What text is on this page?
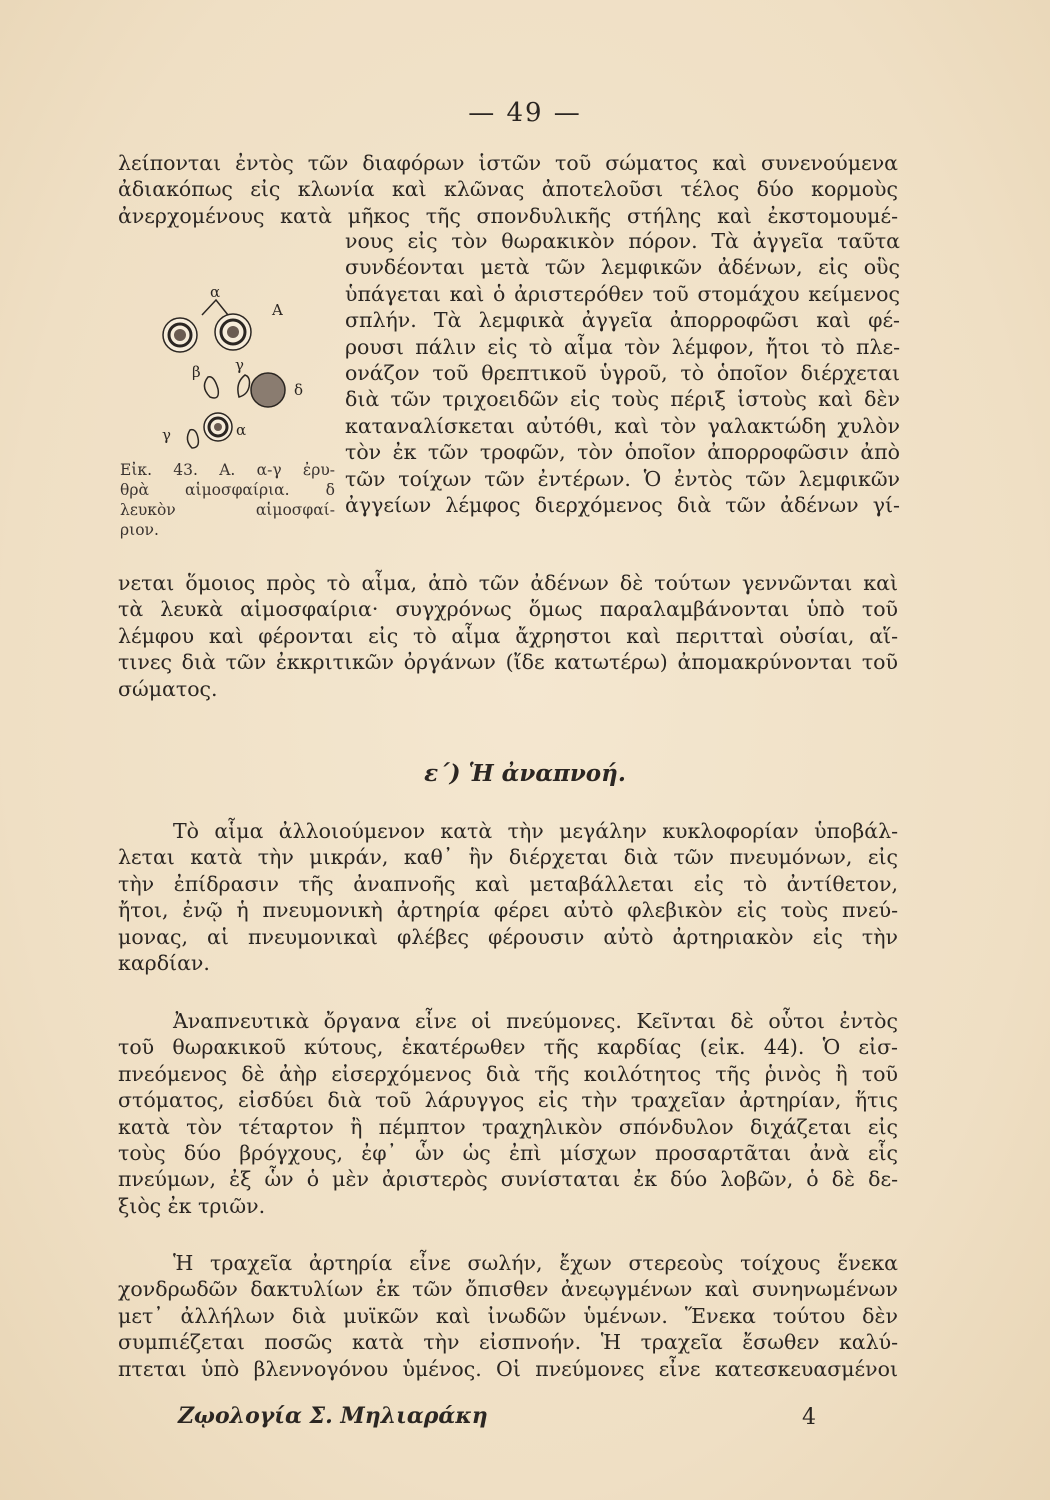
— 49 —
λείπονται ἐντὸς τῶν διαφόρων ἱστῶν τοῦ σώματος καὶ συνενούμενα
ἀδιακόπως εἰς κλωνία καὶ κλῶνας ἀποτελοῦσι τέλος δύο κορμοὺς
ἀνερχομένους κατὰ μῆκος τῆς σπονδυλικῆς στήλης καὶ ἐκστομουμέ-
νους εἰς τὸν θωρακικὸν πόρον. Τὰ ἀγγεῖα ταῦτα
συνδέονται μετὰ τῶν λεμφικῶν ἀδένων, εἰς οὓς
ὑπάγεται καὶ ὁ ἀριστερόθεν τοῦ στομάχου κείμενος
σπλήν. Τὰ λεμφικὰ ἀγγεῖα ἀπορροφῶσι καὶ φέ-
ρουσι πάλιν εἰς τὸ αἷμα τὸν λέμφον, ἤτοι τὸ πλε-
ονάζον τοῦ θρεπτικοῦ ὑγροῦ, τὸ ὁποῖον διέρχεται
διὰ τῶν τριχοειδῶν εἰς τοὺς πέριξ ἱστοὺς καὶ δὲν
καταναλίσκεται αὐτόθι, καὶ τὸν γαλακτώδη χυλὸν
τὸν ἐκ τῶν τροφῶν, τὸν ὁποῖον ἀπορροφῶσιν ἀπὸ
τῶν τοίχων τῶν ἐντέρων. Ὁ ἐντὸς τῶν λεμφικῶν
ἀγγείων λέμφος διερχόμενος διὰ τῶν ἀδένων γί-
α
Α
β γ
δ
γ	α
Εἰκ. 43. Α. α-γ ἐρυ-
θρὰ αἱμοσφαίρια. δ
λευκὸν αἱμοσφαί-
ριον.
νεται ὅμοιος πρὸς τὸ αἷμα, ἀπὸ τῶν ἀδένων δὲ τούτων γεννῶνται καὶ
τὰ λευκὰ αἱμοσφαίρια· συγχρόνως ὅμως παραλαμβάνονται ὑπὸ τοῦ
λέμφου καὶ φέρονται εἰς τὸ αἷμα ἄχρηστοι καὶ περιτταὶ οὐσίαι, αἵ-
τινες διὰ τῶν ἐκκριτικῶν ὀργάνων (ἴδε κατωτέρω) ἀπομακρύνονται τοῦ
σώματος.
ε΄) Ἡ ἀναπνοή.
Τὸ αἷμα ἀλλοιούμενον κατὰ τὴν μεγάλην κυκλοφορίαν ὑποβάλ-
λεται κατὰ τὴν μικράν, καθ᾽ ἣν διέρχεται διὰ τῶν πνευμόνων, εἰς
τὴν ἐπίδρασιν τῆς ἀναπνοῆς καὶ μεταβάλλεται εἰς τὸ ἀντίθετον,
ἤτοι, ἐνῷ ἡ πνευμονικὴ ἀρτηρία φέρει αὐτὸ φλεβικὸν εἰς τοὺς πνεύ-
μονας, αἱ πνευμονικαὶ φλέβες φέρουσιν αὐτὸ ἀρτηριακὸν εἰς τὴν
καρδίαν.
Ἀναπνευτικὰ ὄργανα εἶνε οἱ πνεύμονες. Κεῖνται δὲ οὗτοι ἐντὸς
τοῦ θωρακικοῦ κύτους, ἑκατέρωθεν τῆς καρδίας (εἰκ. 44). Ὁ εἰσ-
πνεόμενος δὲ ἀὴρ εἰσερχόμενος διὰ τῆς κοιλότητος τῆς ῥινὸς ἢ τοῦ
στόματος, εἰσδύει διὰ τοῦ λάρυγγος εἰς τὴν τραχεῖαν ἀρτηρίαν, ἥτις
κατὰ τὸν τέταρτον ἢ πέμπτον τραχηλικὸν σπόνδυλον διχάζεται εἰς
τοὺς δύο βρόγχους, ἐφ᾽ ὧν ὡς ἐπὶ μίσχων προσαρτᾶται ἀνὰ εἷς
πνεύμων, ἐξ ὧν ὁ μὲν ἀριστερὸς συνίσταται ἐκ δύο λοβῶν, ὁ δὲ δε-
ξιὸς ἐκ τριῶν.
Ἡ τραχεῖα ἀρτηρία εἶνε σωλήν, ἔχων στερεοὺς τοίχους ἕνεκα
χονδρωδῶν δακτυλίων ἐκ τῶν ὄπισθεν ἀνεῳγμένων καὶ συνηνωμένων
μετ᾽ ἀλλήλων διὰ μυϊκῶν καὶ ἰνωδῶν ὑμένων. Ἕνεκα τούτου δὲν
συμπιέζεται ποσῶς κατὰ τὴν εἰσπνοήν. Ἡ τραχεῖα ἔσωθεν καλύ-
πτεται ὑπὸ βλεννογόνου ὑμένος. Οἱ πνεύμονες εἶνε κατεσκευασμένοι
Ζῳολογία Σ. Μηλιαράκη	4
